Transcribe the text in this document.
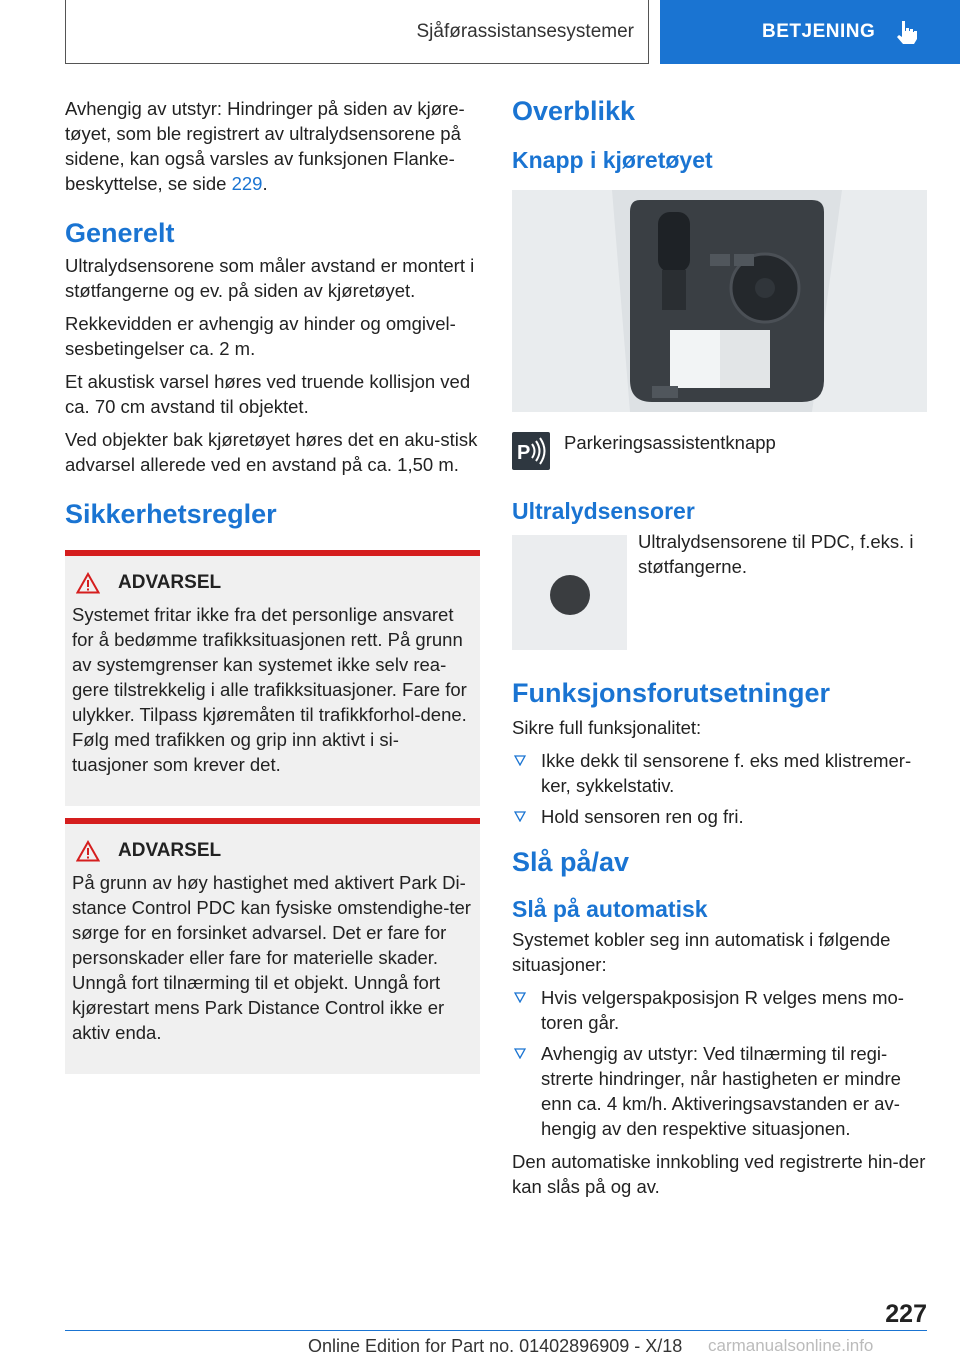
Sjåførassistansesystemer	BETJENING

Avhengig av utstyr: Hindringer på siden av kjøre-tøyet, som ble registrert av ultralydsensorene på sidene, kan også varsles av funksjonen Flanke-beskyttelse, se side 229.

Generelt

Ultralydsensorene som måler avstand er montert i støtfangerne og ev. på siden av kjøretøyet.

Rekkevidden er avhengig av hinder og omgivel-sesbetingelser ca. 2 m.

Et akustisk varsel høres ved truende kollisjon ved ca. 70 cm avstand til objektet.

Ved objekter bak kjøretøyet høres det en aku-stisk advarsel allerede ved en avstand på ca. 1,50 m.

Sikkerhetsregler
ADVARSEL

Systemet fritar ikke fra det personlige ansvaret for å bedømme trafikksituasjonen rett. På grunn av systemgrenser kan systemet ikke selv rea-gere tilstrekkelig i alle trafikksituasjoner. Fare for ulykker. Tilpass kjøremåten til trafikkforhol-dene. Følg med trafikken og grip inn aktivt i si-tuasjoner som krever det.

ADVARSEL

På grunn av høy hastighet med aktivert Park Di-stance Control PDC kan fysiske omstendighe-ter sørge for en forsinket advarsel. Det er fare for personskader eller fare for materielle skader. Unngå fort tilnærming til et objekt. Unngå fort kjørestart mens Park Distance Control ikke er aktiv enda.

Overblikk
Knapp i kjøretøyet
P Parkeringsassistentknapp

Ultralydsensorer

Ultralydsensorene til PDC, f.eks. i støtfangerne.

Funksjonsforutsetninger

Sikre full funksjonalitet:

Ikke dekk til sensorene f. eks med klistremer-ker, sykkelstativ.
Hold sensoren ren og fri.
Slå på/av
Slå på automatisk

Systemet kobler seg inn automatisk i følgende situasjoner:

Hvis velgerspakposisjon R velges mens mo-toren går.
Avhengig av utstyr: Ved tilnærming til regi-strerte hindringer, når hastigheten er mindre enn ca. 4 km/h. Aktiveringsavstanden er av-hengig av den respektive situasjonen.

Den automatiske innkobling ved registrerte hin-der kan slås på og av.

227
Online Edition for Part no. 01402896909 - X/18 carmanualsonline.info
